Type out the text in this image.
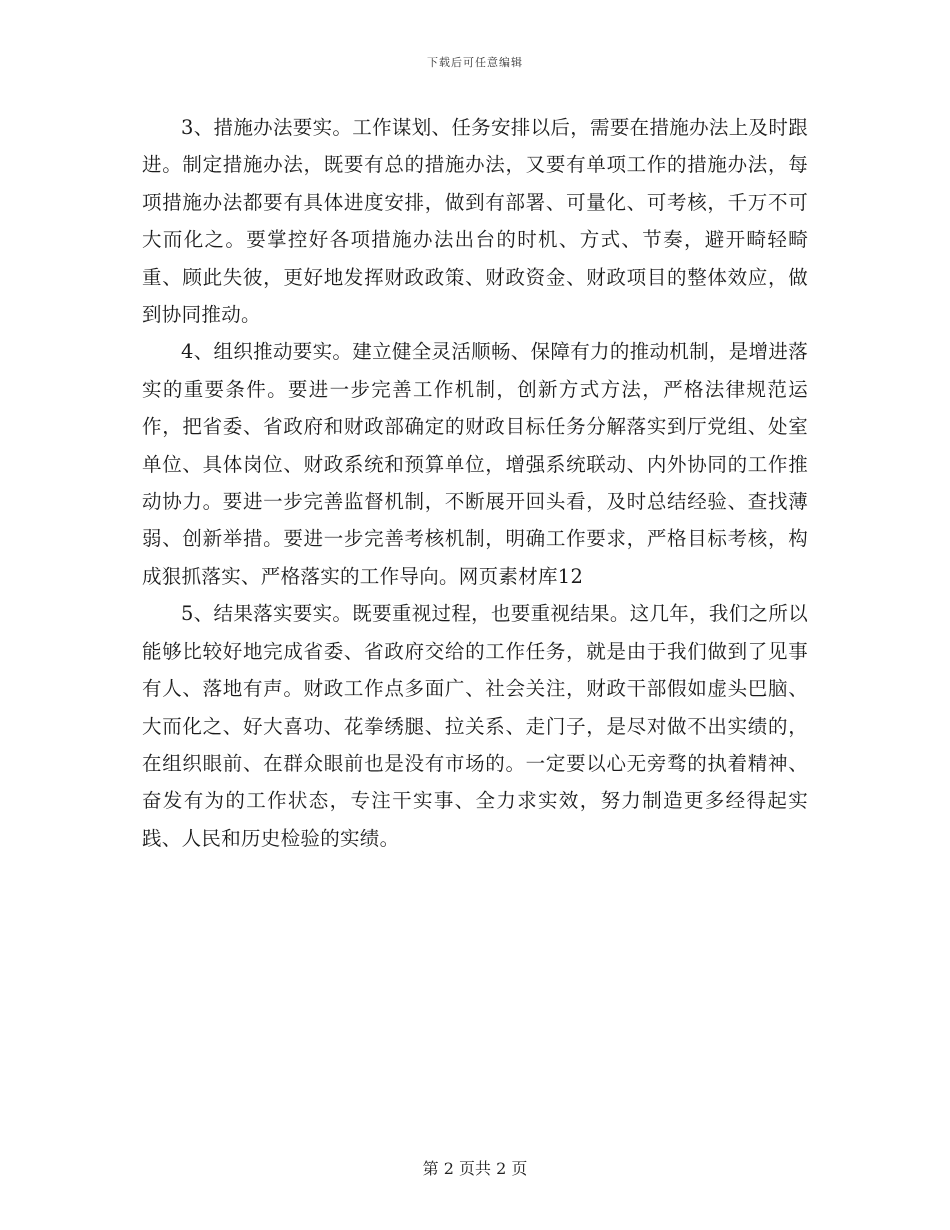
下载后可任意编辑

3、措施办法要实。工作谋划、任务安排以后，需要在措施办法上及时跟进。制定措施办法，既要有总的措施办法，又要有单项工作的措施办法，每项措施办法都要有具体进度安排，做到有部署、可量化、可考核，千万不可大而化之。要掌控好各项措施办法出台的时机、方式、节奏，避开畸轻畸重、顾此失彼，更好地发挥财政政策、财政资金、财政项目的整体效应，做到协同推动。

4、组织推动要实。建立健全灵活顺畅、保障有力的推动机制，是增进落实的重要条件。要进一步完善工作机制，创新方式方法，严格法律规范运作，把省委、省政府和财政部确定的财政目标任务分解落实到厅党组、处室单位、具体岗位、财政系统和预算单位，增强系统联动、内外协同的工作推动协力。要进一步完善监督机制，不断展开回头看，及时总结经验、查找薄弱、创新举措。要进一步完善考核机制，明确工作要求，严格目标考核，构成狠抓落实、严格落实的工作导向。网页素材库12

5、结果落实要实。既要重视过程，也要重视结果。这几年，我们之所以能够比较好地完成省委、省政府交给的工作任务，就是由于我们做到了见事有人、落地有声。财政工作点多面广、社会关注，财政干部假如虚头巴脑、大而化之、好大喜功、花拳绣腿、拉关系、走门子，是尽对做不出实绩的，在组织眼前、在群众眼前也是没有市场的。一定要以心无旁骛的执着精神、奋发有为的工作状态，专注干实事、全力求实效，努力制造更多经得起实践、人民和历史检验的实绩。

第 2 页共 2 页
